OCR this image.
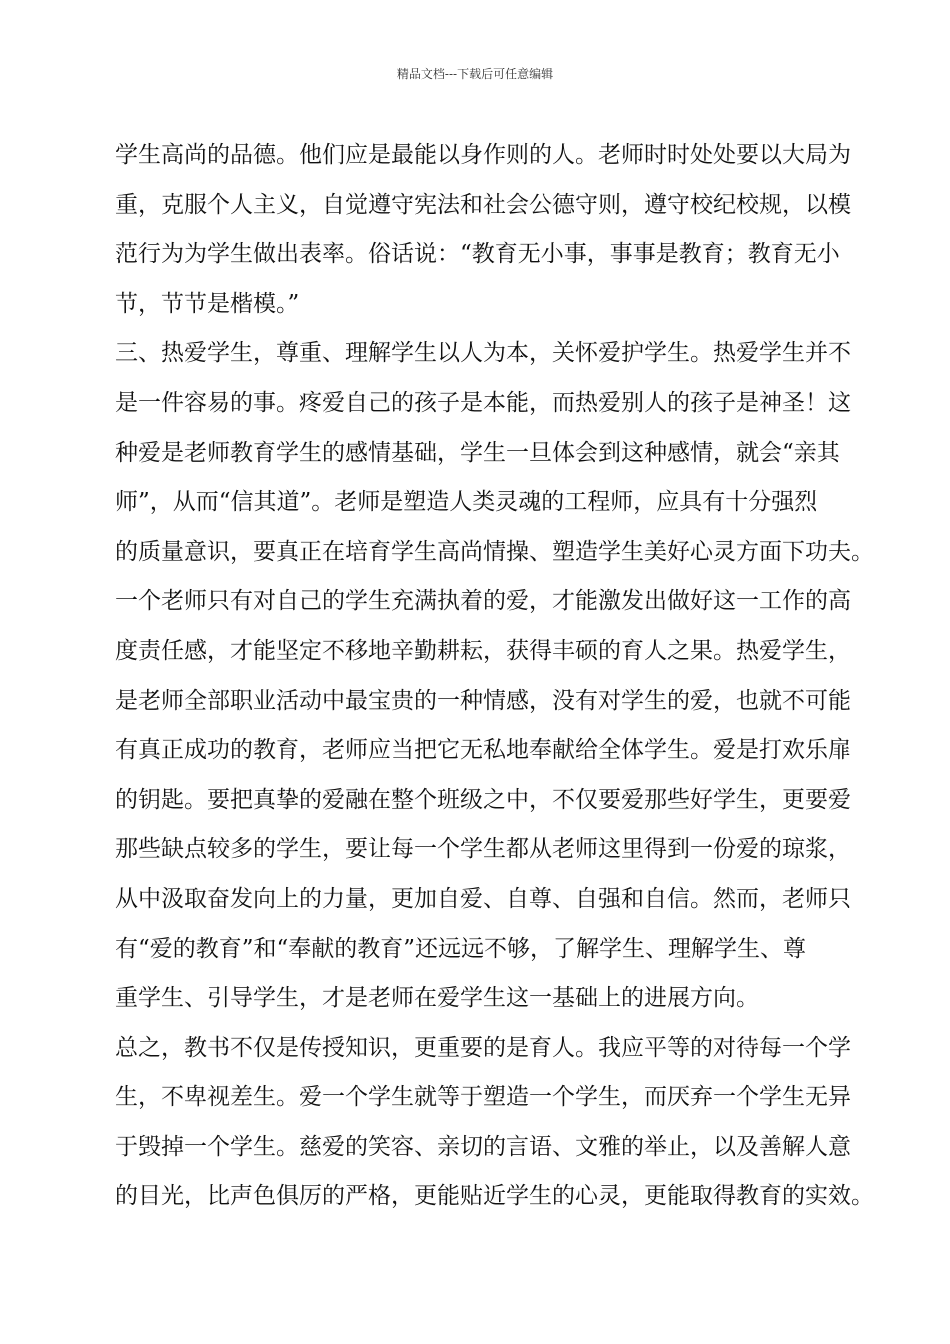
精品文档---下载后可任意编辑
学生高尚的品德。他们应是最能以身作则的人。老师时时处处要以大局为
重，克服个人主义，自觉遵守宪法和社会公德守则，遵守校纪校规，以模
范行为为学生做出表率。俗话说：“教育无小事，事事是教育；教育无小
节，节节是楷模。”
三、热爱学生，尊重、理解学生以人为本，关怀爱护学生。热爱学生并不
是一件容易的事。疼爱自己的孩子是本能，而热爱别人的孩子是神圣！这
种爱是老师教育学生的感情基础，学生一旦体会到这种感情，就会“亲其
师”，从而“信其道”。老师是塑造人类灵魂的工程师，应具有十分强烈
的质量意识，要真正在培育学生高尚情操、塑造学生美好心灵方面下功夫。
一个老师只有对自己的学生充满执着的爱，才能激发出做好这一工作的高
度责任感，才能坚定不移地辛勤耕耘，获得丰硕的育人之果。热爱学生，
是老师全部职业活动中最宝贵的一种情感，没有对学生的爱，也就不可能
有真正成功的教育，老师应当把它无私地奉献给全体学生。爱是打欢乐扉
的钥匙。要把真挚的爱融在整个班级之中，不仅要爱那些好学生，更要爱
那些缺点较多的学生，要让每一个学生都从老师这里得到一份爱的琼浆，
从中汲取奋发向上的力量，更加自爱、自尊、自强和自信。然而，老师只
有“爱的教育”和“奉献的教育”还远远不够，了解学生、理解学生、尊
重学生、引导学生，才是老师在爱学生这一基础上的进展方向。
总之，教书不仅是传授知识，更重要的是育人。我应平等的对待每一个学
生，不卑视差生。爱一个学生就等于塑造一个学生，而厌弃一个学生无异
于毁掉一个学生。慈爱的笑容、亲切的言语、文雅的举止，以及善解人意
的目光，比声色俱厉的严格，更能贴近学生的心灵，更能取得教育的实效。
